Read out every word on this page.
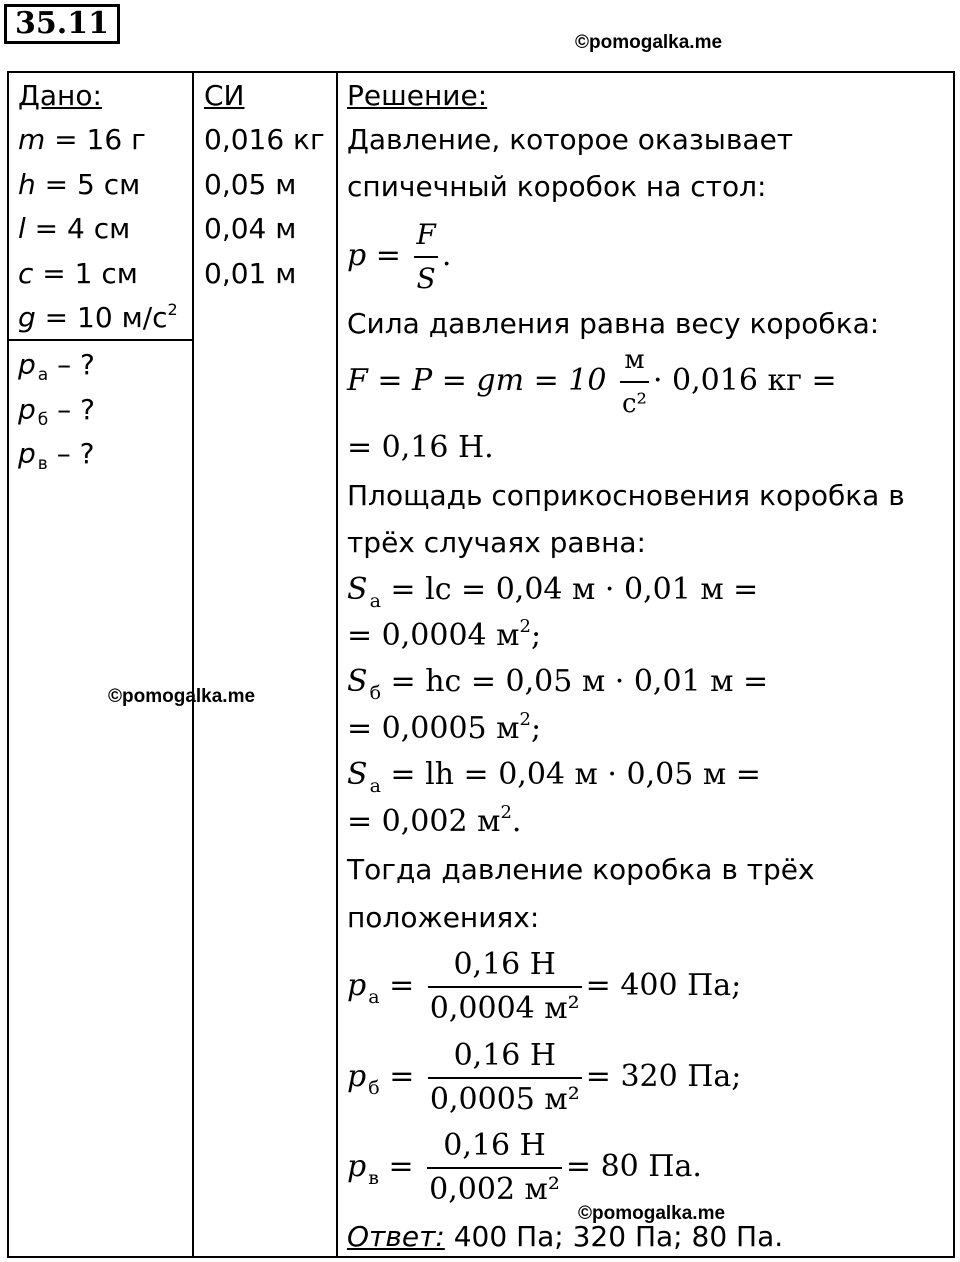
35.11
©pomogalka.me
Дано:
m = 16 г
h = 5 см
l = 4 см
c = 1 см
g = 10 $м/с^2$
p $_а$ – ?
p $_б$ – ?
p $_в$ – ?
©pomogalka.me
СИ
0,016 кг
0,05 м
0,04 м
0,01 м
Решение:
Давление, которое оказывает
спичечный коробок на стол:
$p = \frac{F}{S}$ .
Сила давления равна весу коробка:
F = P = gm = $10 \frac{м}{\text{с²}} \cdot 0,016$ кг =
= 0,16 Н.
Площадь соприкосновения коробка в
трёх случаях равна:
S $_а$ = lc = 0,04 м · 0,01 м =
= 0,0004 $м^2$;
S $_б$ = hc = 0,05 м · 0,01 м =
= 0,0005 $м^2$;
S $_а$ = lh = 0,04 м · 0,05 м =
= 0,002 $м^2$.
Тогда давление коробка в трёх
положениях:
p $_а = \frac{0,16 Н}{\text{0,0004 м²}} = 400$ Па;
p $_б = \frac{0,16 Н}{\text{0,0005 м²}} = 320$ Па;
p $_в = \frac{0,16 Н}{\text{0,002 м²}} = 80$ Па.
©pomogalka.me
Ответ: 400 Па; 320 Па; 80 Па.
